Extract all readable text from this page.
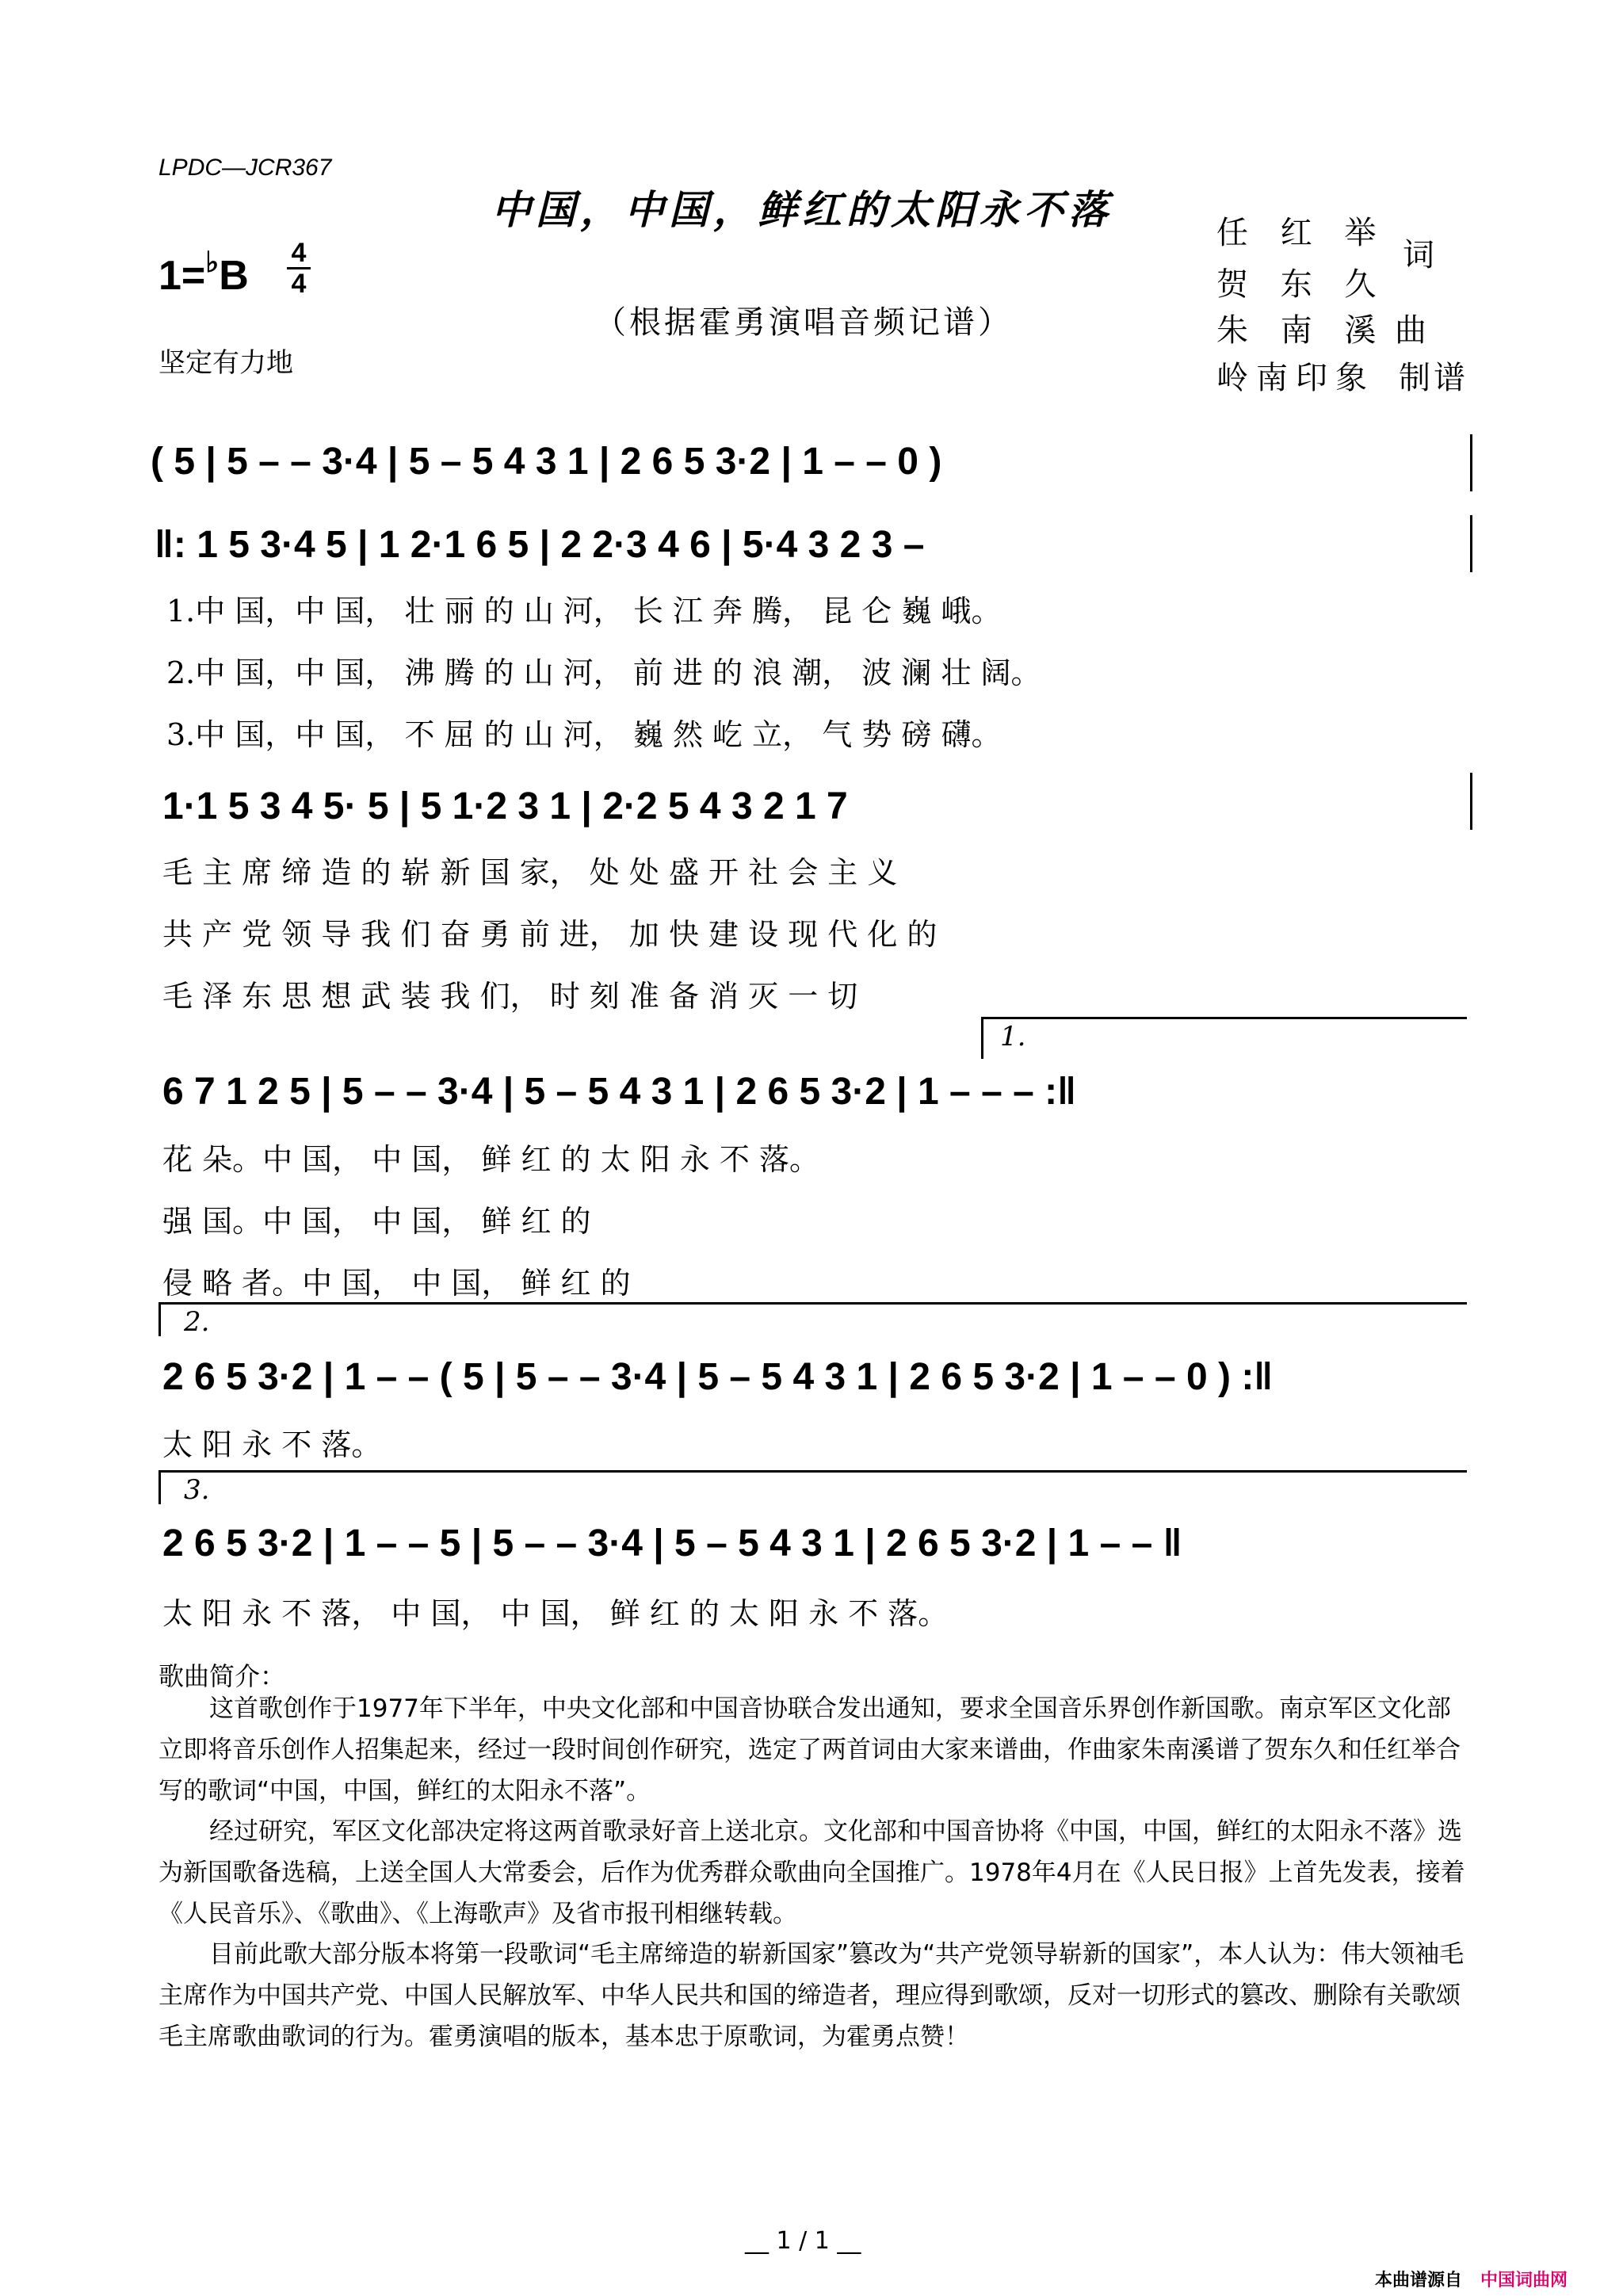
LPDC—JCR367
中国，中国，鲜红的太阳永不落
（根据霍勇演唱音频记谱）
1=♭B 4
4
坚定有力地
任 红 举
贺 东 久
词
朱 南 溪 曲
岭南印象 制谱
( 5 | 5 – – 3·4 | 5 – 5 4 3 1 | 2 6 5 3·2 | 1 – – 0 )
‖: 1 5 3·4 5 | 1 2·1 6 5 | 2 2·3 4 6 | 5·4 3 2 3 –
1.中 国，中 国， 壮 丽 的 山 河， 长 江 奔 腾， 昆 仑 巍 峨。
2.中 国，中 国， 沸 腾 的 山 河， 前 进 的 浪 潮， 波 澜 壮 阔。
3.中 国，中 国， 不 屈 的 山 河， 巍 然 屹 立， 气 势 磅 礴。
1·1 5 3 4 5· 5 | 5 1·2 3 1 | 2·2 5 4 3 2 1 7
毛 主 席 缔 造 的 崭 新 国 家， 处 处 盛 开 社 会 主 义
共 产 党 领 导 我 们 奋 勇 前 进， 加 快 建 设 现 代 化 的
毛 泽 东 思 想 武 装 我 们， 时 刻 准 备 消 灭 一 切
1.
6 7 1 2 5 | 5 – – 3·4 | 5 – 5 4 3 1 | 2 6 5 3·2 | 1 – – – :‖
花 朵。中 国， 中 国， 鲜 红 的 太 阳 永 不 落。
强 国。中 国， 中 国， 鲜 红 的
侵 略 者。中 国， 中 国， 鲜 红 的
2.
2 6 5 3·2 | 1 – – ( 5 | 5 – – 3·4 | 5 – 5 4 3 1 | 2 6 5 3·2 | 1 – – 0 ) :‖
太 阳 永 不 落。
3.
2 6 5 3·2 | 1 – – 5 | 5 – – 3·4 | 5 – 5 4 3 1 | 2 6 5 3·2 | 1 – – ‖
太 阳 永 不 落， 中 国， 中 国， 鲜 红 的 太 阳 永 不 落。
歌曲简介：
这首歌创作于1977年下半年，中央文化部和中国音协联合发出通知，要求全国音乐界创作新国歌。南京军区文化部立即将音乐创作人招集起来，经过一段时间创作研究，选定了两首词由大家来谱曲，作曲家朱南溪谱了贺东久和任红举合写的歌词“中国，中国，鲜红的太阳永不落”。
经过研究，军区文化部决定将这两首歌录好音上送北京。文化部和中国音协将《中国，中国，鲜红的太阳永不落》选为新国歌备选稿，上送全国人大常委会，后作为优秀群众歌曲向全国推广。1978年4月在《人民日报》上首先发表，接着《人民音乐》、《歌曲》、《上海歌声》及省市报刊相继转载。
目前此歌大部分版本将第一段歌词“毛主席缔造的崭新国家”篡改为“共产党领导崭新的国家”，本人认为：伟大领袖毛主席作为中国共产党、中国人民解放军、中华人民共和国的缔造者，理应得到歌颂，反对一切形式的篡改、删除有关歌颂毛主席歌曲歌词的行为。霍勇演唱的版本，基本忠于原歌词，为霍勇点赞！
__ 1 / 1 __
本曲谱源自 中国词曲网
